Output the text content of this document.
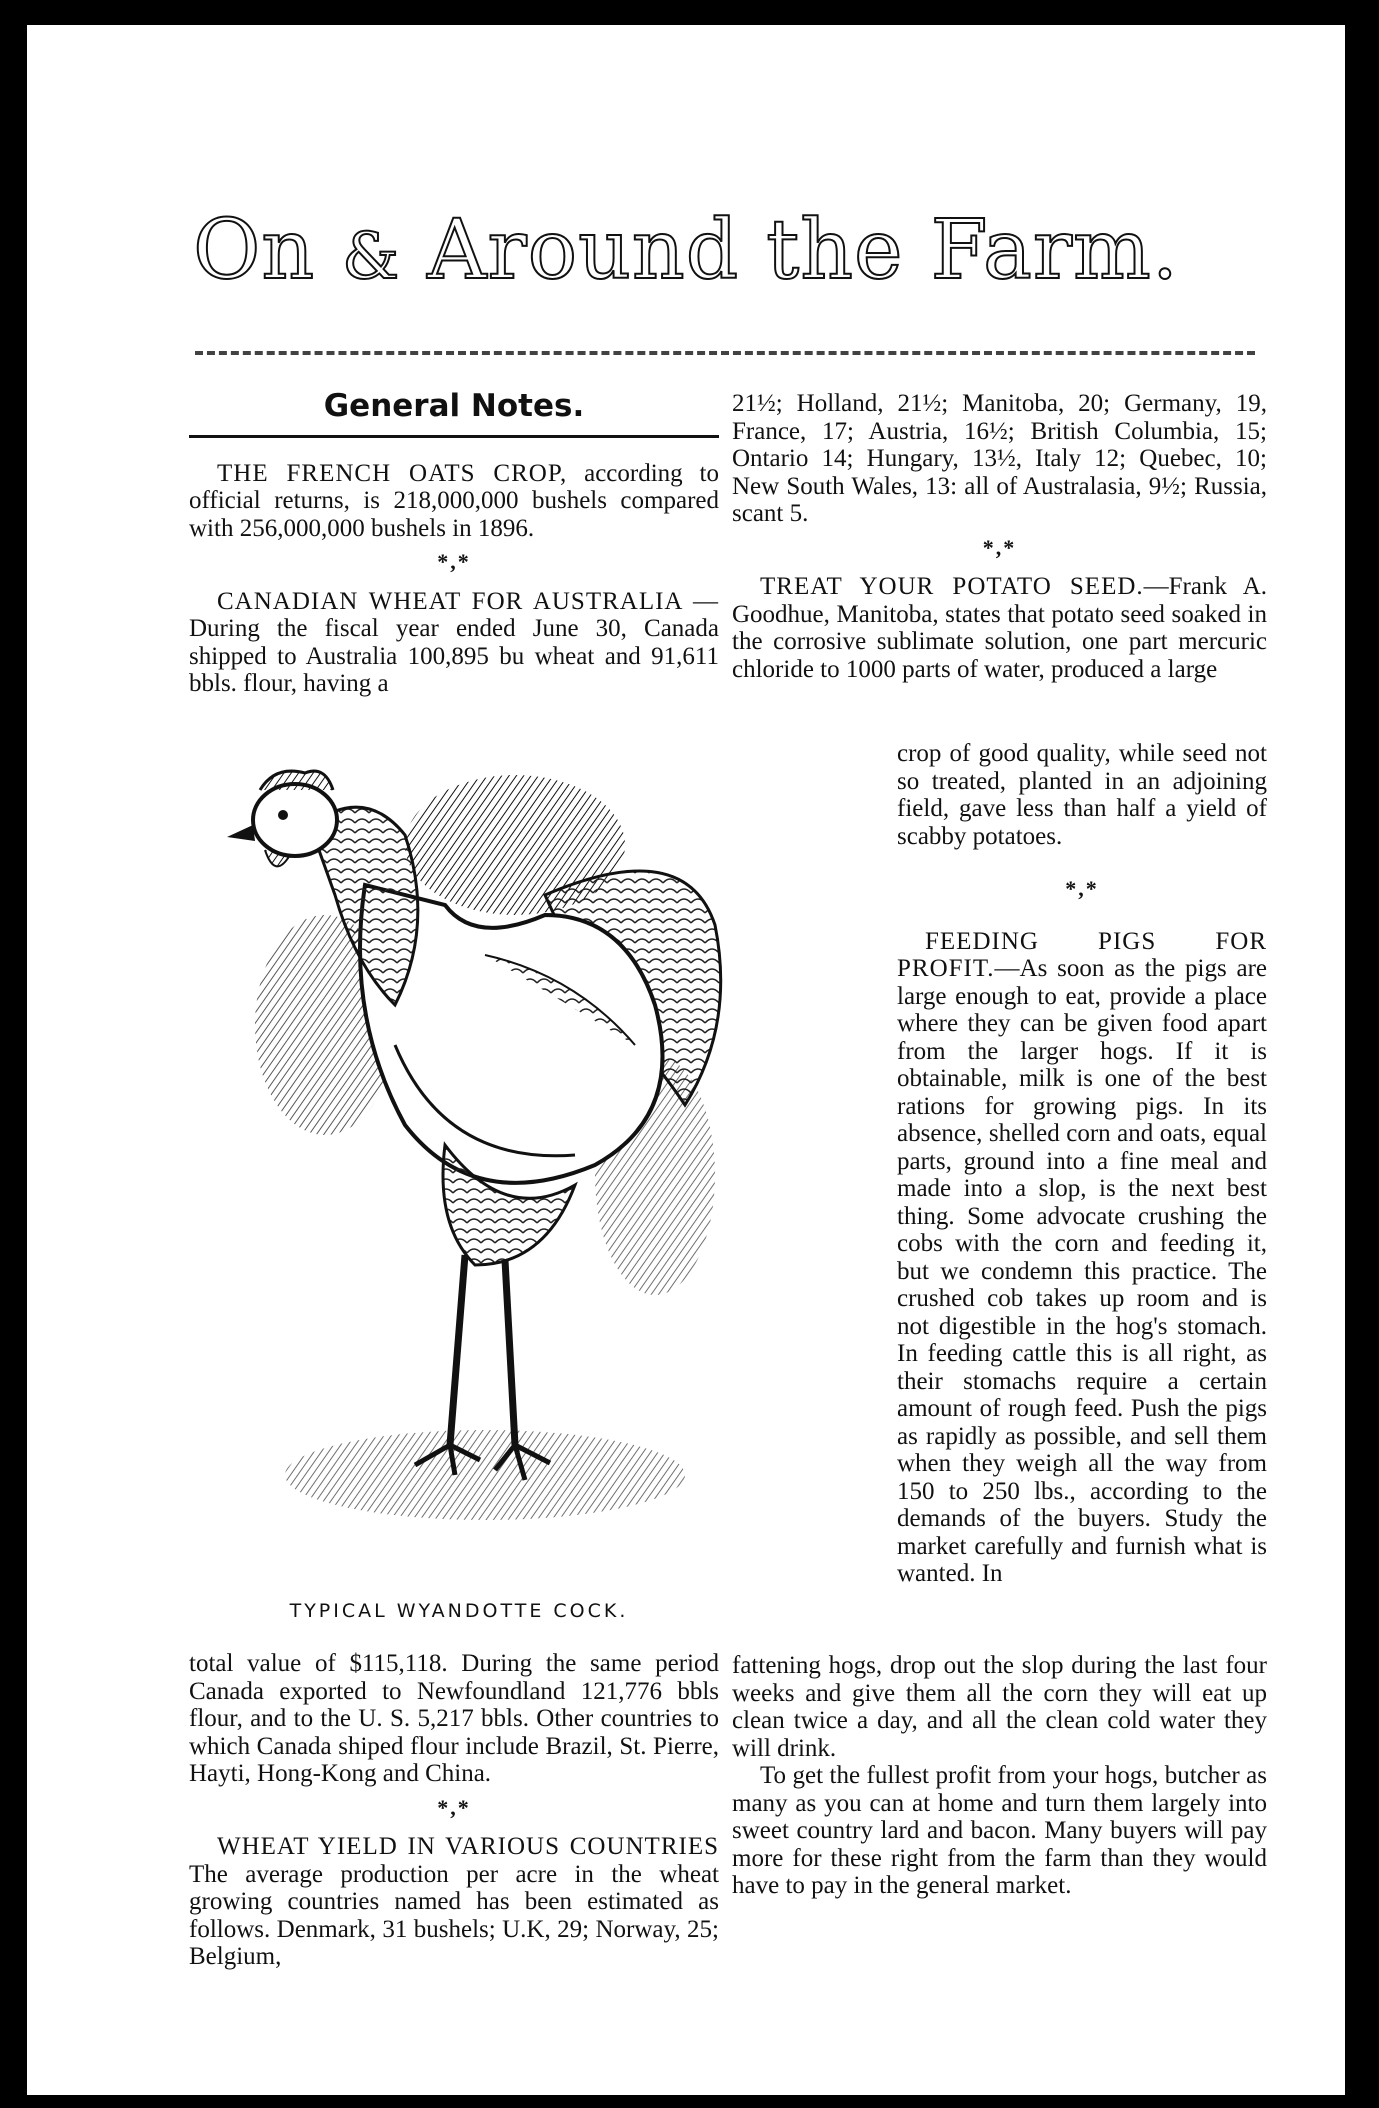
On & Around the Farm.
General Notes.

THE FRENCH OATS CROP, according to official returns, is 218,000,000 bushels compared with 256,000,000 bushels in 1896.

*,*

CANADIAN WHEAT FOR AUSTRALIA — During the fiscal year ended June 30, Canada shipped to Australia 100,895 bu wheat and 91,611 bbls. flour, having a

TYPICAL WYANDOTTE COCK.

total value of $115,118. During the same period Canada exported to Newfoundland 121,776 bbls flour, and to the U. S. 5,217 bbls. Other countries to which Canada shiped flour include Brazil, St. Pierre, Hayti, Hong-Kong and China.

*,*

WHEAT YIELD IN VARIOUS COUNTRIES The average production per acre in the wheat growing countries named has been estimated as follows. Denmark, 31 bushels; U.K, 29; Norway, 25; Belgium,

21½; Holland, 21½; Manitoba, 20; Germany, 19, France, 17; Austria, 16½; British Columbia, 15; Ontario 14; Hungary, 13½, Italy 12; Quebec, 10; New South Wales, 13: all of Australasia, 9½; Russia, scant 5.

*,*

TREAT YOUR POTATO SEED.—Frank A. Goodhue, Manitoba, states that potato seed soaked in the corrosive sublimate solution, one part mercuric chloride to 1000 parts of water, produced a large

crop of good quality, while seed not so treated, planted in an adjoining field, gave less than half a yield of scabby potatoes.

*,*

FEEDING PIGS FOR PROFIT.—As soon as the pigs are large enough to eat, provide a place where they can be given food apart from the larger hogs. If it is obtainable, milk is one of the best rations for growing pigs. In its absence, shelled corn and oats, equal parts, ground into a fine meal and made into a slop, is the next best thing. Some advocate crushing the cobs with the corn and feeding it, but we condemn this practice. The crushed cob takes up room and is not digestible in the hog's stomach. In feeding cattle this is all right, as their stomachs require a certain amount of rough feed. Push the pigs as rapidly as possible, and sell them when they weigh all the way from 150 to 250 lbs., according to the demands of the buyers. Study the market carefully and furnish what is wanted. In

fattening hogs, drop out the slop during the last four weeks and give them all the corn they will eat up clean twice a day, and all the clean cold water they will drink.

To get the fullest profit from your hogs, butcher as many as you can at home and turn them largely into sweet country lard and bacon. Many buyers will pay more for these right from the farm than they would have to pay in the general market.
